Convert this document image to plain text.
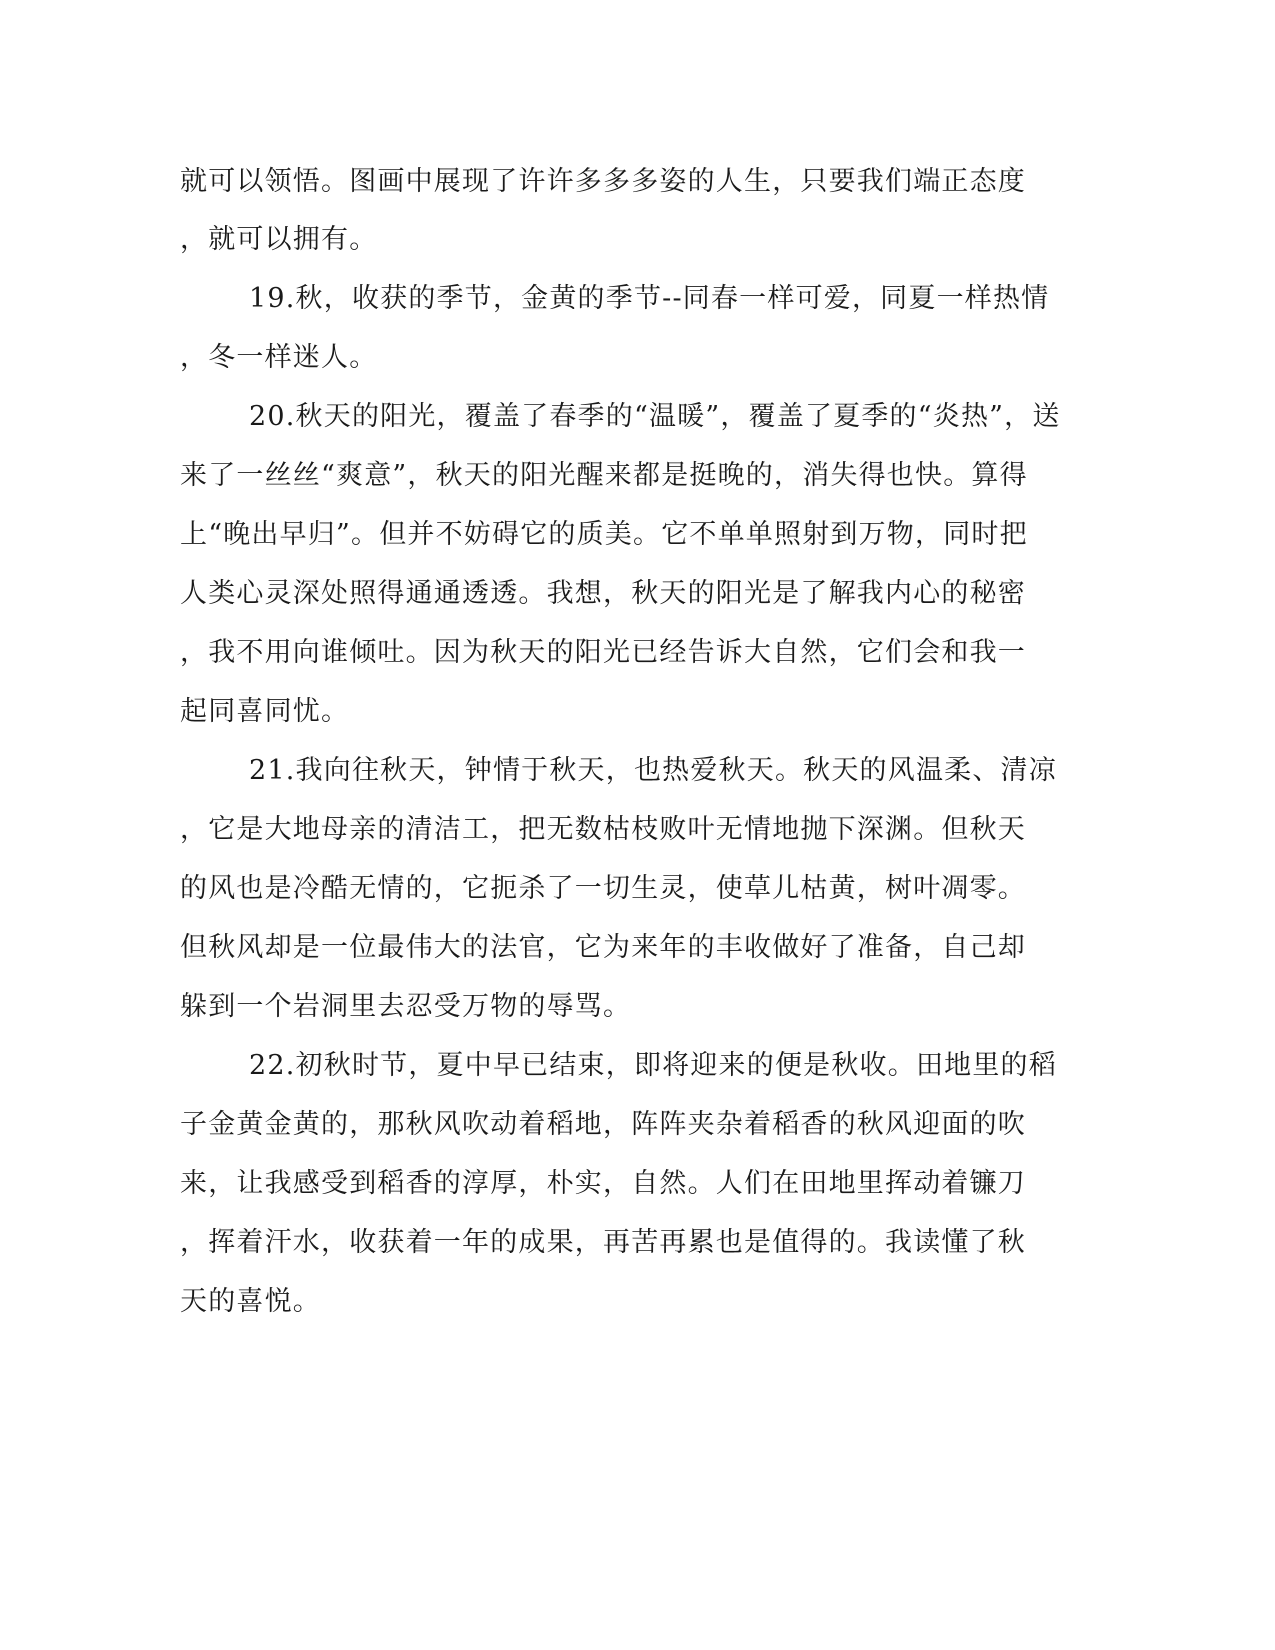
就可以领悟。图画中展现了许许多多多姿的人生，只要我们端正态度
，就可以拥有。
19.秋，收获的季节，金黄的季节--同春一样可爱，同夏一样热情
，冬一样迷人。
20.秋天的阳光，覆盖了春季的“温暖”，覆盖了夏季的“炎热”，送
来了一丝丝“爽意”，秋天的阳光醒来都是挺晚的，消失得也快。算得
上“晚出早归”。但并不妨碍它的质美。它不单单照射到万物，同时把
人类心灵深处照得通通透透。我想，秋天的阳光是了解我内心的秘密
，我不用向谁倾吐。因为秋天的阳光已经告诉大自然，它们会和我一
起同喜同忧。
21.我向往秋天，钟情于秋天，也热爱秋天。秋天的风温柔、清凉
，它是大地母亲的清洁工，把无数枯枝败叶无情地抛下深渊。但秋天
的风也是冷酷无情的，它扼杀了一切生灵，使草儿枯黄，树叶凋零。
但秋风却是一位最伟大的法官，它为来年的丰收做好了准备，自己却
躲到一个岩洞里去忍受万物的辱骂。
22.初秋时节，夏中早已结束，即将迎来的便是秋收。田地里的稻
子金黄金黄的，那秋风吹动着稻地，阵阵夹杂着稻香的秋风迎面的吹
来，让我感受到稻香的淳厚，朴实，自然。人们在田地里挥动着镰刀
，挥着汗水，收获着一年的成果，再苦再累也是值得的。我读懂了秋
天的喜悦。
